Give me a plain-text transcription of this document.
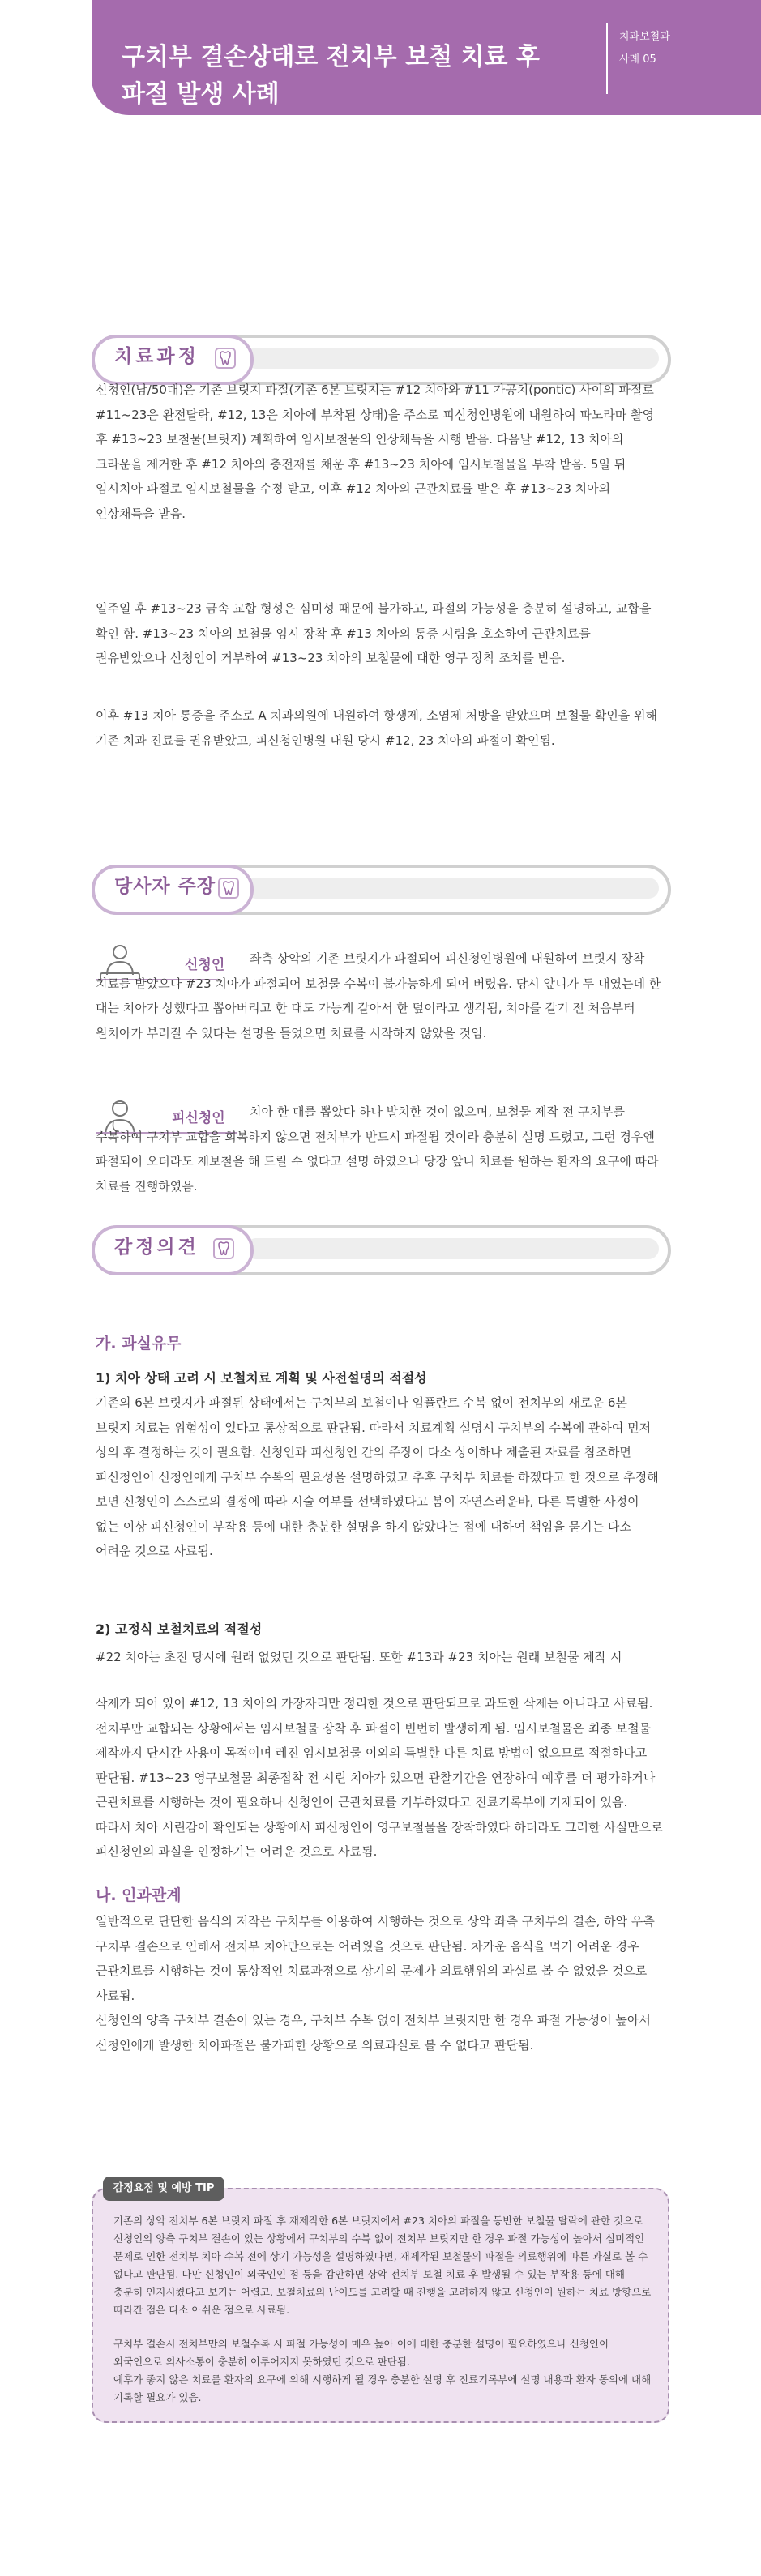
구치부 결손상태로 전치부 보철 치료 후
파절 발생 사례
치과보철과
사례 05
치료과정

신청인(남/50대)은 기존 브릿지 파절(기존 6본 브릿지는 #12 치아와 #11 가공치(pontic) 사이의 파절로 #11~23은 완전탈락, #12, 13은 치아에 부착된 상태)을 주소로 피신청인병원에 내원하여 파노라마 촬영 후 #13~23 보철물(브릿지) 계획하여 임시보철물의 인상채득을 시행 받음. 다음날 #12, 13 치아의 크라운을 제거한 후 #12 치아의 충전재를 채운 후 #13~23 치아에 임시보철물을 부착 받음. 5일 뒤 임시치아 파절로 임시보철물을 수정 받고, 이후 #12 치아의 근관치료를 받은 후 #13~23 치아의 인상채득을 받음.

일주일 후 #13~23 금속 교합 형성은 심미성 때문에 불가하고, 파절의 가능성을 충분히 설명하고, 교합을 확인 함. #13~23 치아의 보철물 임시 장착 후 #13 치아의 통증 시림을 호소하여 근관치료를 권유받았으나 신청인이 거부하여 #13~23 치아의 보철물에 대한 영구 장착 조치를 받음.

이후 #13 치아 통증을 주소로 A 치과의원에 내원하여 항생제, 소염제 처방을 받았으며 보철물 확인을 위해 기존 치과 진료를 권유받았고, 피신청인병원 내원 당시 #12, 23 치아의 파절이 확인됨.

당사자 주장
신청인	좌측 상악의 기존 브릿지가 파절되어 피신청인병원에 내원하여 브릿지 장착 치료를 받았으나 #23 치아가 파절되어 보철물 수복이 불가능하게 되어 버렸음. 당시 앞니가 두 대였는데 한 대는 치아가 상했다고 뽑아버리고 한 대도 가능게 갈아서 한 덮이라고 생각됨, 치아를 갈기 전 처음부터 원치아가 부러질 수 있다는 설명을 들었으면 치료를 시작하지 않았을 것임.

피신청인	치아 한 대를 뽑았다 하나 발치한 것이 없으며, 보철물 제작 전 구치부를 수복하여 구치부 교합을 회복하지 않으면 전치부가 반드시 파절될 것이라 충분히 설명 드렸고, 그런 경우엔 파절되어 오더라도 재보철을 해 드릴 수 없다고 설명 하였으나 당장 앞니 치료를 원하는 환자의 요구에 따라 치료를 진행하였음.

감정의견
가. 과실유무
1) 치아 상태 고려 시 보철치료 계획 및 사전설명의 적절성

기존의 6본 브릿지가 파절된 상태에서는 구치부의 보철이나 임플란트 수복 없이 전치부의 새로운 6본 브릿지 치료는 위험성이 있다고 통상적으로 판단됨. 따라서 치료계획 설명시 구치부의 수복에 관하여 먼저 상의 후 결정하는 것이 필요함. 신청인과 피신청인 간의 주장이 다소 상이하나 제출된 자료를 참조하면 피신청인이 신청인에게 구치부 수복의 필요성을 설명하였고 추후 구치부 치료를 하겠다고 한 것으로 추정해 보면 신청인이 스스로의 결정에 따라 시술 여부를 선택하였다고 봄이 자연스러운바, 다른 특별한 사정이 없는 이상 피신청인이 부작용 등에 대한 충분한 설명을 하지 않았다는 점에 대하여 책임을 묻기는 다소 어려운 것으로 사료됨.

2) 고정식 보철치료의 적절성

#22 치아는 초진 당시에 원래 없었던 것으로 판단됨. 또한 #13과 #23 치아는 원래 보철물 제작 시

삭제가 되어 있어 #12, 13 치아의 가장자리만 정리한 것으로 판단되므로 과도한 삭제는 아니라고 사료됨. 전치부만 교합되는 상황에서는 임시보철물 장착 후 파절이 빈번히 발생하게 됨. 임시보철물은 최종 보철물 제작까지 단시간 사용이 목적이며 레진 임시보철물 이외의 특별한 다른 치료 방법이 없으므로 적절하다고 판단됨. #13~23 영구보철물 최종접착 전 시린 치아가 있으면 관찰기간을 연장하여 예후를 더 평가하거나 근관치료를 시행하는 것이 필요하나 신청인이 근관치료를 거부하였다고 진료기록부에 기재되어 있음. 따라서 치아 시린감이 확인되는 상황에서 피신청인이 영구보철물을 장착하였다 하더라도 그러한 사실만으로 피신청인의 과실을 인정하기는 어려운 것으로 사료됨.

나. 인과관계

일반적으로 단단한 음식의 저작은 구치부를 이용하여 시행하는 것으로 상악 좌측 구치부의 결손, 하악 우측 구치부 결손으로 인해서 전치부 치아만으로는 어려웠을 것으로 판단됨. 차가운 음식을 먹기 어려운 경우 근관치료를 시행하는 것이 통상적인 치료과정으로 상기의 문제가 의료행위의 과실로 볼 수 없었을 것으로 사료됨.
신청인의 양측 구치부 결손이 있는 경우, 구치부 수복 없이 전치부 브릿지만 한 경우 파절 가능성이 높아서 신청인에게 발생한 치아파절은 불가피한 상황으로 의료과실로 볼 수 없다고 판단됨.

감정요점 및 예방 TIP

기존의 상악 전치부 6본 브릿지 파절 후 재제작한 6본 브릿지에서 #23 치아의 파절을 동반한 보철물 탈락에 관한 것으로 신청인의 양측 구치부 결손이 있는 상황에서 구치부의 수복 없이 전치부 브릿지만 한 경우 파절 가능성이 높아서 심미적인 문제로 인한 전치부 치아 수복 전에 상기 가능성을 설명하였다면, 재제작된 보철물의 파절을 의료행위에 따른 과실로 볼 수 없다고 판단됨. 다만 신청인이 외국인인 점 등을 감안하면 상악 전치부 보철 치료 후 발생될 수 있는 부작용 등에 대해 충분히 인지시켰다고 보기는 어렵고, 보철치료의 난이도를 고려할 때 진행을 고려하지 않고 신청인이 원하는 치료 방향으로 따라간 점은 다소 아쉬운 점으로 사료됨.

구치부 결손시 전치부만의 보철수복 시 파절 가능성이 매우 높아 이에 대한 충분한 설명이 필요하였으나 신청인이 외국인으로 의사소통이 충분히 이루어지지 못하였던 것으로 판단됨.
예후가 좋지 않은 치료를 환자의 요구에 의해 시행하게 될 경우 충분한 설명 후 진료기록부에 설명 내용과 환자 동의에 대해 기록할 필요가 있음.
